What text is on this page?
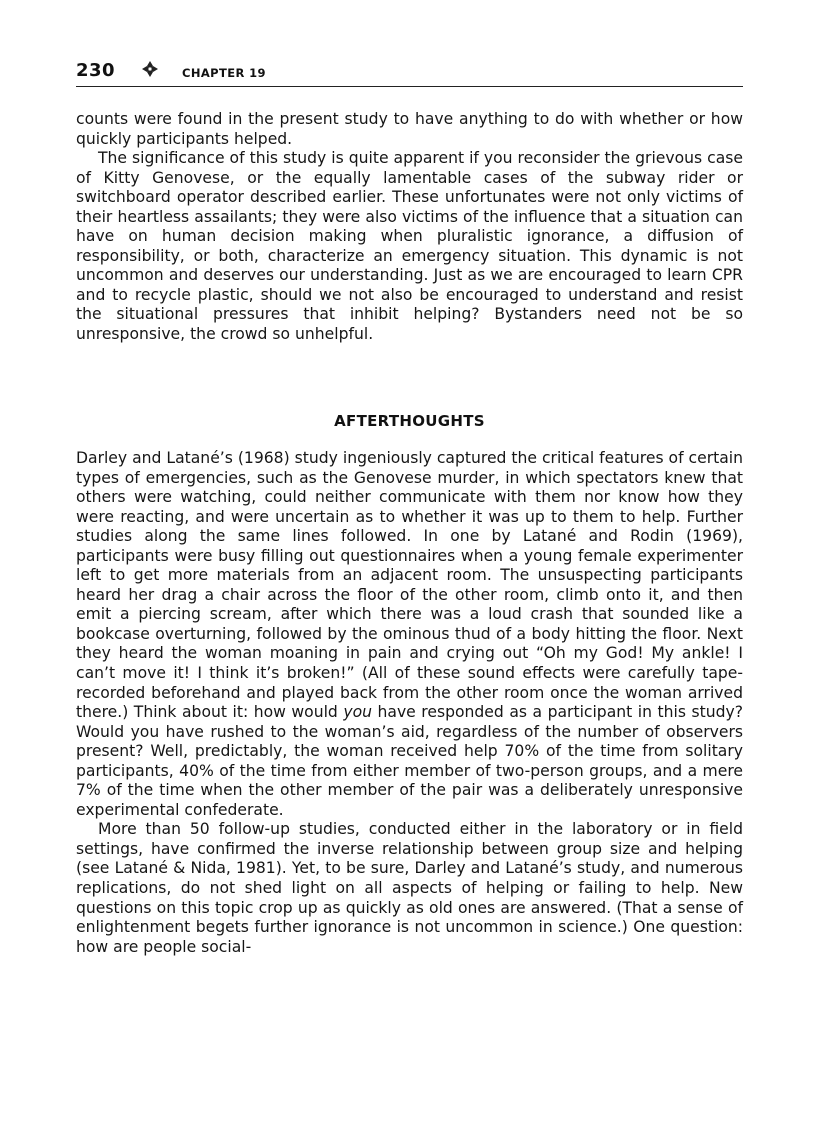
230	CHAPTER 19

counts were found in the present study to have anything to do with whether or how quickly participants helped.

The significance of this study is quite apparent if you reconsider the grievous case of Kitty Genovese, or the equally lamentable cases of the subway rider or switchboard operator described earlier. These unfortunates were not only victims of their heartless assailants; they were also victims of the influence that a situation can have on human decision making when pluralistic ignorance, a diffusion of responsibility, or both, characterize an emergency situation. This dynamic is not uncommon and deserves our understanding. Just as we are encouraged to learn CPR and to recycle plastic, should we not also be encouraged to understand and resist the situational pressures that inhibit helping? Bystanders need not be so unresponsive, the crowd so unhelpful.

AFTERTHOUGHTS

Darley and Latané’s (1968) study ingeniously captured the critical features of certain types of emergencies, such as the Genovese murder, in which spectators knew that others were watching, could neither communicate with them nor know how they were reacting, and were uncertain as to whether it was up to them to help. Further studies along the same lines followed. In one by Latané and Rodin (1969), participants were busy filling out questionnaires when a young female experimenter left to get more materials from an adjacent room. The unsuspecting participants heard her drag a chair across the floor of the other room, climb onto it, and then emit a piercing scream, after which there was a loud crash that sounded like a bookcase overturning, followed by the ominous thud of a body hitting the floor. Next they heard the woman moaning in pain and crying out “Oh my God! My ankle! I can’t move it! I think it’s broken!” (All of these sound effects were carefully tape-recorded beforehand and played back from the other room once the woman arrived there.) Think about it: how would you have responded as a participant in this study? Would you have rushed to the woman’s aid, regardless of the number of observers present? Well, predictably, the woman received help 70% of the time from solitary participants, 40% of the time from either member of two-person groups, and a mere 7% of the time when the other member of the pair was a deliberately unresponsive experimental confederate.

More than 50 follow-up studies, conducted either in the laboratory or in field settings, have confirmed the inverse relationship between group size and helping (see Latané & Nida, 1981). Yet, to be sure, Darley and Latané’s study, and numerous replications, do not shed light on all aspects of helping or failing to help. New questions on this topic crop up as quickly as old ones are answered. (That a sense of enlightenment begets further ignorance is not uncommon in science.) One question: how are people social-
